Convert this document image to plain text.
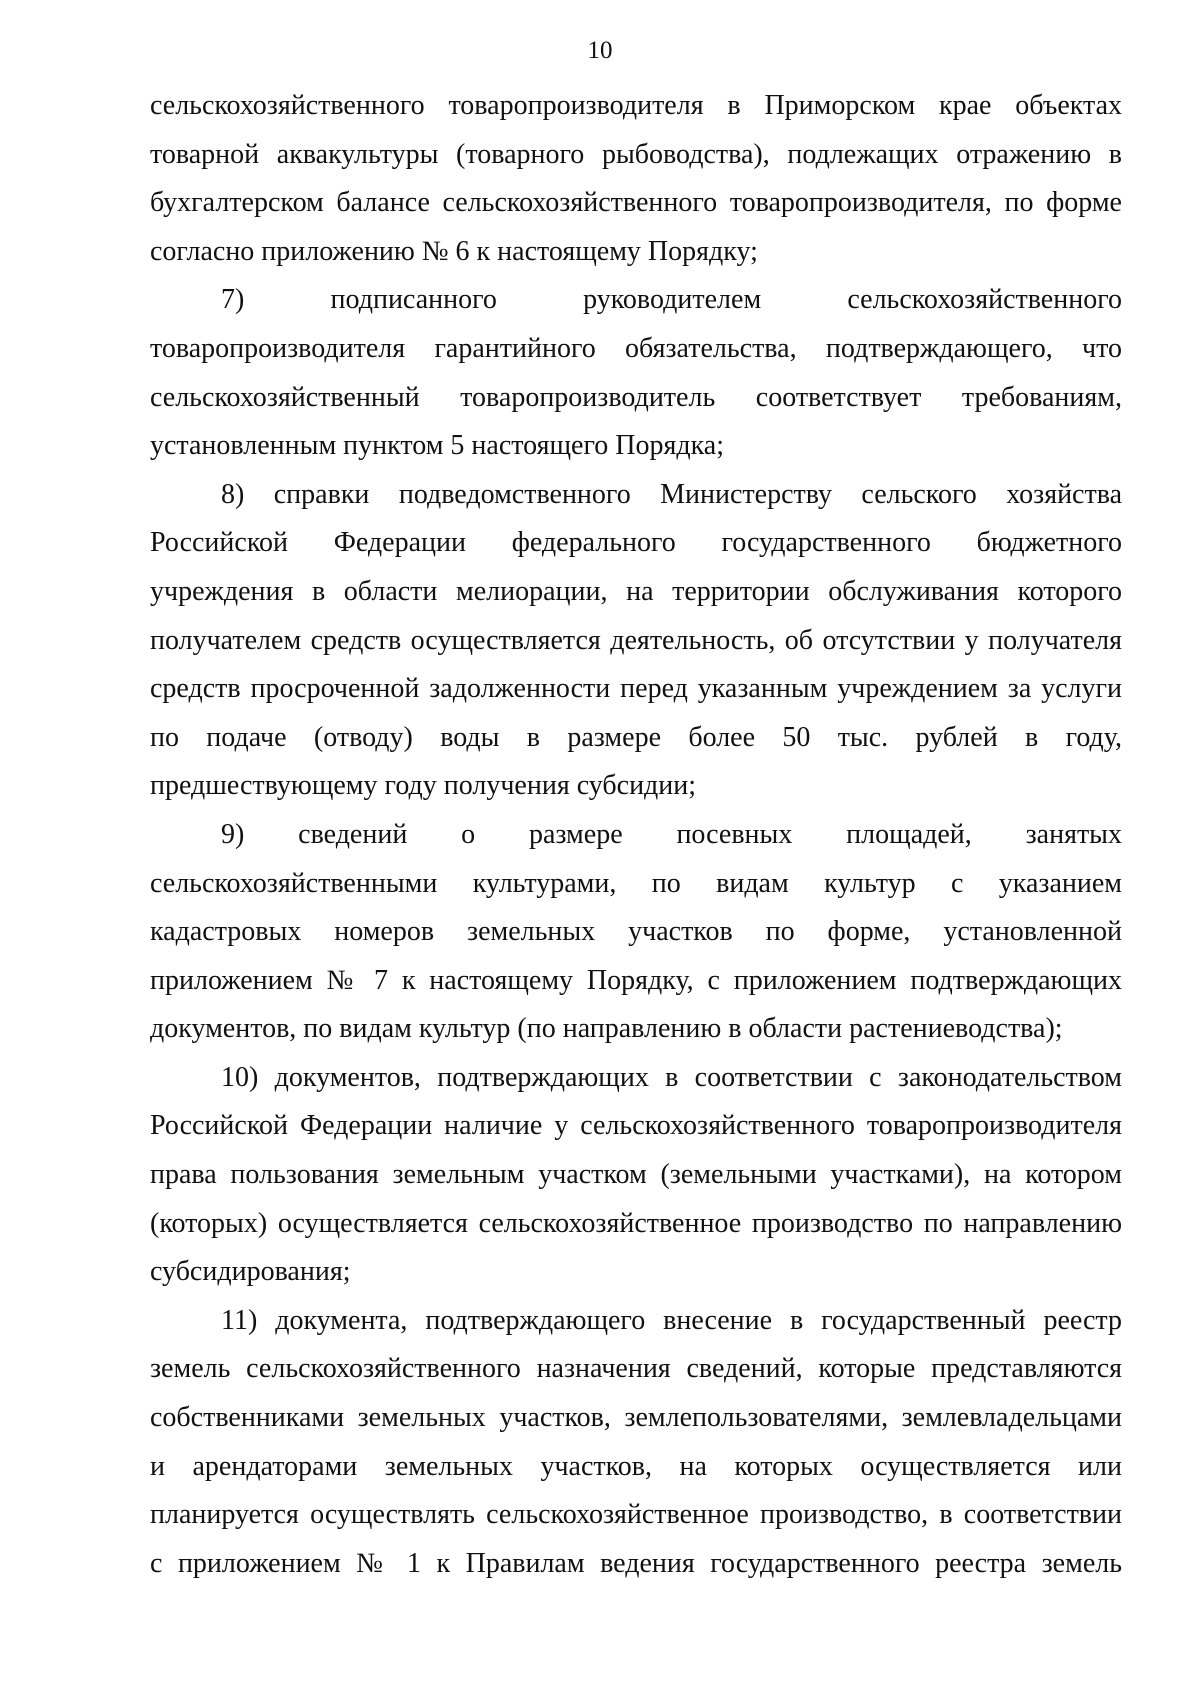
10
сельскохозяйственного товаропроизводителя в Приморском крае объектах
товарной аквакультуры (товарного рыбоводства), подлежащих отражению в
бухгалтерском балансе сельскохозяйственного товаропроизводителя, по форме
согласно приложению № 6 к настоящему Порядку;
7) подписанного руководителем сельскохозяйственного
товаропроизводителя гарантийного обязательства, подтверждающего, что
сельскохозяйственный товаропроизводитель соответствует требованиям,
установленным пунктом 5 настоящего Порядка;
8) справки подведомственного Министерству сельского хозяйства
Российской Федерации федерального государственного бюджетного
учреждения в области мелиорации, на территории обслуживания которого
получателем средств осуществляется деятельность, об отсутствии у получателя
средств просроченной задолженности перед указанным учреждением за услуги
по подаче (отводу) воды в размере более 50 тыс. рублей в году,
предшествующему году получения субсидии;
9) сведений о размере посевных площадей, занятых
сельскохозяйственными культурами, по видам культур с указанием
кадастровых номеров земельных участков по форме, установленной
приложением № 7 к настоящему Порядку, с приложением подтверждающих
документов, по видам культур (по направлению в области растениеводства);
10) документов, подтверждающих в соответствии с законодательством
Российской Федерации наличие у сельскохозяйственного товаропроизводителя
права пользования земельным участком (земельными участками), на котором
(которых) осуществляется сельскохозяйственное производство по направлению
субсидирования;
11) документа, подтверждающего внесение в государственный реестр
земель сельскохозяйственного назначения сведений, которые представляются
собственниками земельных участков, землепользователями, землевладельцами
и арендаторами земельных участков, на которых осуществляется или
планируется осуществлять сельскохозяйственное производство, в соответствии
с приложением № 1 к Правилам ведения государственного реестра земель
